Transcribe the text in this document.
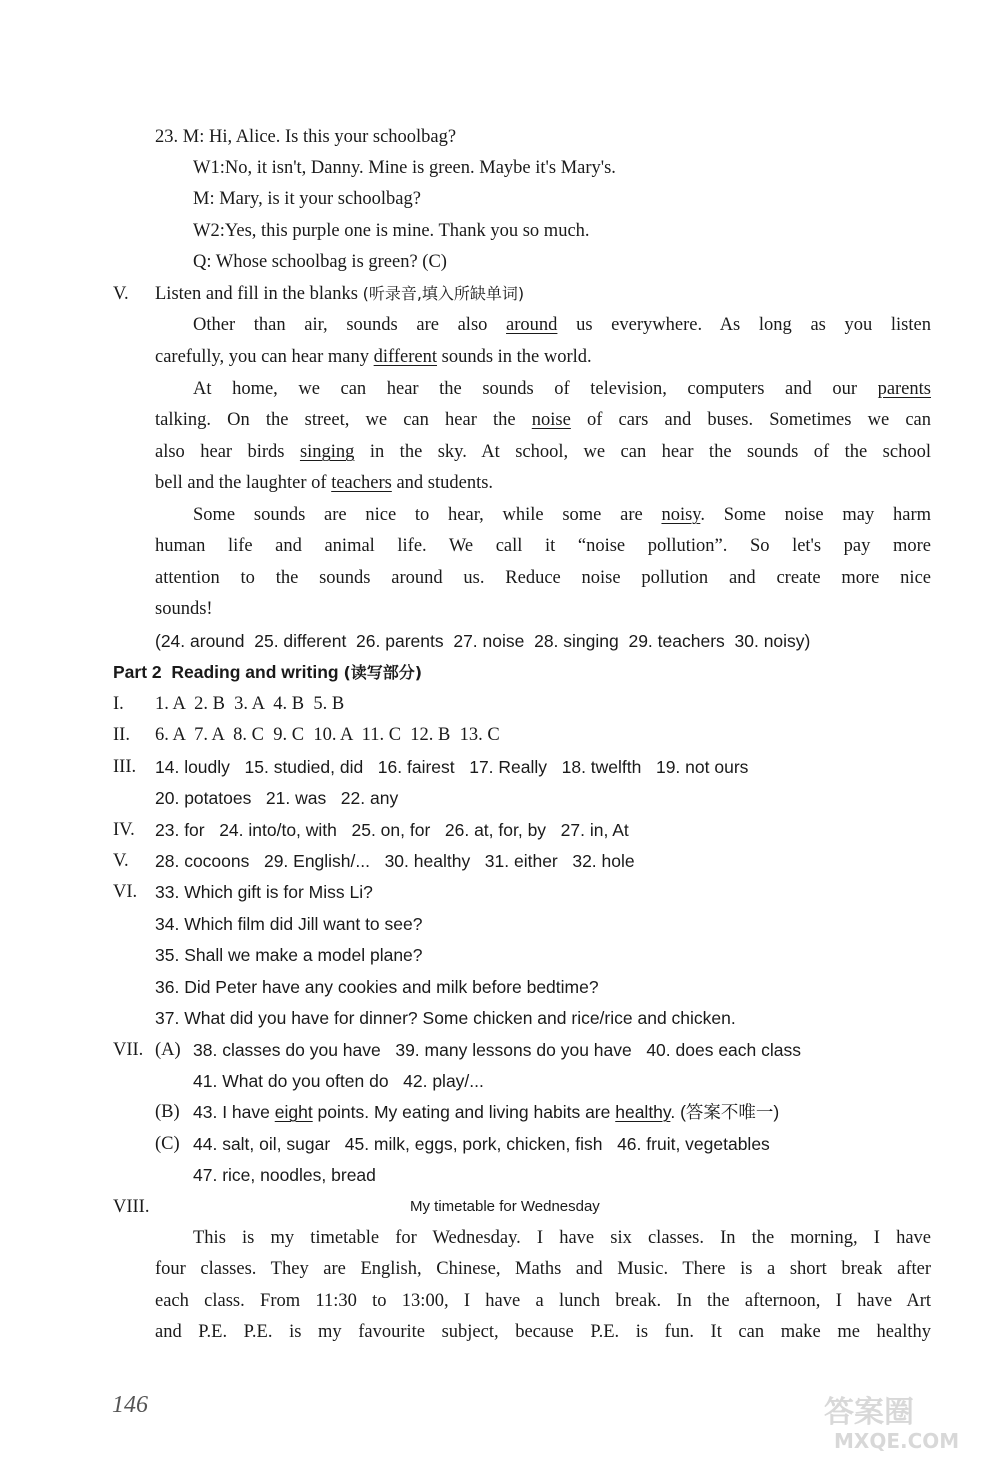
23. M: Hi, Alice. Is this your schoolbag?
W1:No, it isn't, Danny. Mine is green. Maybe it's Mary's.
M: Mary, is it your schoolbag?
W2:Yes, this purple one is mine. Thank you so much.
Q: Whose schoolbag is green? (C)
V. Listen and fill in the blanks (听录音,填入所缺单词)
Other than air, sounds are also around us everywhere. As long as you listen
carefully, you can hear many different sounds in the world.
At home, we can hear the sounds of television, computers and our parents
talking. On the street, we can hear the noise of cars and buses. Sometimes we can
also hear birds singing in the sky. At school, we can hear the sounds of the school
bell and the laughter of teachers and students.
Some sounds are nice to hear, while some are noisy. Some noise may harm
human life and animal life. We call it “noise pollution”. So let's pay more
attention to the sounds around us. Reduce noise pollution and create more nice
sounds!
(24. around  25. different  26. parents  27. noise  28. singing  29. teachers  30. noisy)
Part 2 Reading and writing (读写部分)
I. 1. A  2. B  3. A  4. B  5. B
II. 6. A  7. A  8. C  9. C  10. A  11. C  12. B  13. C
III. 14. loudly   15. studied, did   16. fairest   17. Really   18. twelfth   19. not ours
20. potatoes   21. was   22. any
IV. 23. for   24. into/to, with   25. on, for   26. at, for, by   27. in, At
V. 28. cocoons   29. English/...   30. healthy   31. either   32. hole
VI. 33. Which gift is for Miss Li?
34. Which film did Jill want to see?
35. Shall we make a model plane?
36. Did Peter have any cookies and milk before bedtime?
37. What did you have for dinner? Some chicken and rice/rice and chicken.
VII. (A) 38. classes do you have   39. many lessons do you have   40. does each class
41. What do you often do   42. play/...
(B) 43. I have eight points. My eating and living habits are healthy. (答案不唯一)
(C) 44. salt, oil, sugar   45. milk, eggs, pork, chicken, fish   46. fruit, vegetables
47. rice, noodles, bread
VIII.	My timetable for Wednesday
This is my timetable for Wednesday. I have six classes. In the morning, I have
four classes. They are English, Chinese, Maths and Music. There is a short break after
each class. From 11:30 to 13:00, I have a lunch break. In the afternoon, I have Art
and P.E. P.E. is my favourite subject, because P.E. is fun. It can make me healthy
146	答案圈
MXQE.COM
